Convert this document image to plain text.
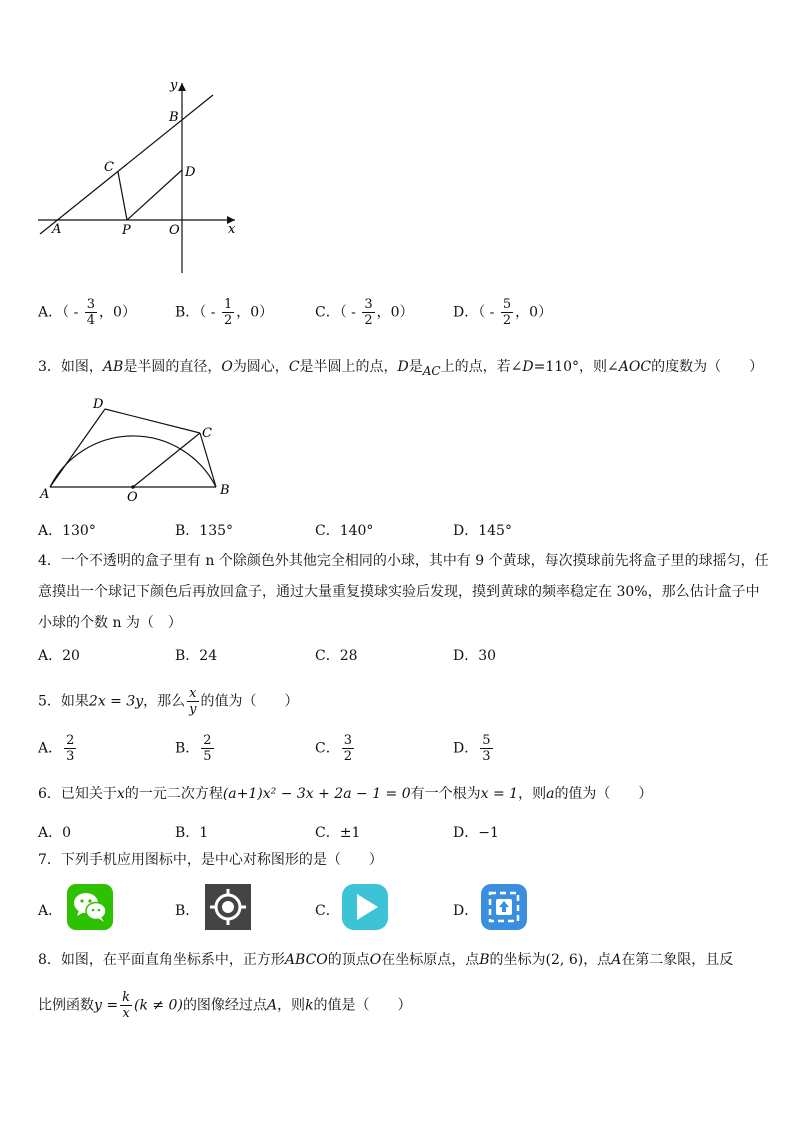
y
B
C	D
A	P	O	x
A．（ - $\frac{3}{4}$ ，0）	B．（ - $\frac{1}{2}$ ，0）	C．（ - $\frac{3}{2}$ ，0）	D．（ - $\frac{5}{2}$ ，0）
3．如图，AB是半圆的直径，O为圆心，C是半圆上的点，D是AC上的点，若∠D=110°，则∠AOC的度数为（　　）
D
C
A	O	B
A．130°	B．135°	C．140°	D．145°
4．一个不透明的盒子里有 n 个除颜色外其他完全相同的小球，其中有 9 个黄球，每次摸球前先将盒子里的球摇匀，任
意摸出一个球记下颜色后再放回盒子，通过大量重复摸球实验后发现，摸到黄球的频率稳定在 30%，那么估计盒子中
小球的个数 n 为（　）
A．20	B．24	C．28	D．30
5．如果2x = 3y，那么 $\frac{x}{y}$ 的值为（　　）
A． $\frac{2}{3}$	B． $\frac{2}{5}$	C． $\frac{3}{2}$	D． $\frac{5}{3}$
6．已知关于x的一元二次方程(a+1)x² − 3x + 2a − 1 = 0有一个根为x = 1，则a的值为（　　）
A．0	B．1	C．±1	D．−1
7．下列手机应用图标中，是中心对称图形的是（　　）
A．	B．	C．	D．
8．如图，在平面直角坐标系中，正方形ABCO的顶点O在坐标原点，点B的坐标为(2, 6)，点A在第二象限，且反
比例函数$y = \frac{k}{x} (k \ne 0)$的图像经过点A，则k的值是（　　）
